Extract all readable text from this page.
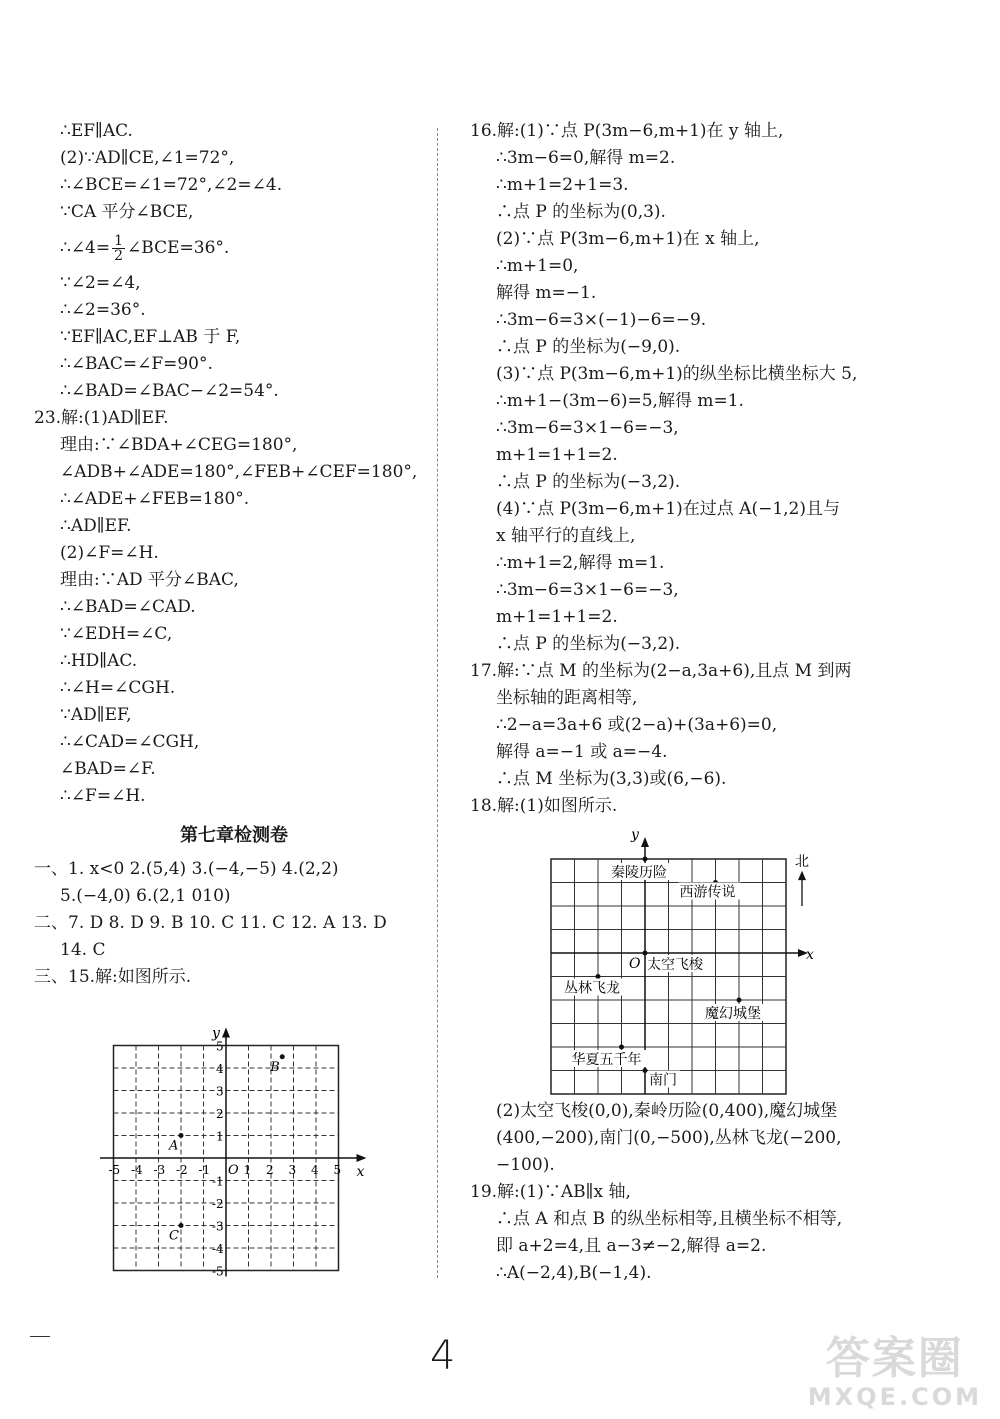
∴EF∥AC.
(2)∵AD∥CE,∠1=72°,
∴∠BCE=∠1=72°,∠2=∠4.
∵CA 平分∠BCE,
∴∠4= $\frac{1}{2}$ ∠BCE=36°.
∵∠2=∠4,
∴∠2=36°.
∵EF∥AC,EF⊥AB 于 F,
∴∠BAC=∠F=90°.
∴∠BAD=∠BAC−∠2=54°.
23.解:(1)AD∥EF.
理由:∵∠BDA+∠CEG=180°,
∠ADB+∠ADE=180°,∠FEB+∠CEF=180°,
∴∠ADE+∠FEB=180°.
∴AD∥EF.
(2)∠F=∠H.
理由:∵AD 平分∠BAC,
∴∠BAD=∠CAD.
∵∠EDH=∠C,
∴HD∥AC.
∴∠H=∠CGH.
∵AD∥EF,
∴∠CAD=∠CGH,
∠BAD=∠F.
∴∠F=∠H.
第七章检测卷
一、1. x<0 2.(5,4) 3.(−4,−5) 4.(2,2)
5.(−4,0) 6.(2,1 010)
二、7. D 8. D 9. B 10. C 11. C 12. A 13. D
14. C
三、15.解:如图所示.
x
y
O
-5 -4 -3 -2 -1	1 2 3 4 5
5
4
3
2
1
-1
-2
-3
-4
-5
A
B
C
16.解:(1)∵点 P(3m−6,m+1)在 y 轴上,
∴3m−6=0,解得 m=2.
∴m+1=2+1=3.
∴点 P 的坐标为(0,3).
(2)∵点 P(3m−6,m+1)在 x 轴上,
∴m+1=0,
解得 m=−1.
∴3m−6=3×(−1)−6=−9.
∴点 P 的坐标为(−9,0).
(3)∵点 P(3m−6,m+1)的纵坐标比横坐标大 5,
∴m+1−(3m−6)=5,解得 m=1.
∴3m−6=3×1−6=−3,
m+1=1+1=2.
∴点 P 的坐标为(−3,2).
(4)∵点 P(3m−6,m+1)在过点 A(−1,2)且与
x 轴平行的直线上,
∴m+1=2,解得 m=1.
∴3m−6=3×1−6=−3,
m+1=1+1=2.
∴点 P 的坐标为(−3,2).
17.解:∵点 M 的坐标为(2−a,3a+6),且点 M 到两
坐标轴的距离相等,
∴2−a=3a+6 或(2−a)+(3a+6)=0,
解得 a=−1 或 a=−4.
∴点 M 坐标为(3,3)或(6,−6).
18.解:(1)如图所示.
x
y
O
北
秦陵历险
西游传说
太空飞梭
丛林飞龙
魔幻城堡
华夏五千年
南门
(2)太空飞梭(0,0),秦岭历险(0,400),魔幻城堡
(400,−200),南门(0,−500),丛林飞龙(−200,
−100).
19.解:(1)∵AB∥x 轴,
∴点 A 和点 B 的纵坐标相等,且横坐标不相等,
即 a+2=4,且 a−3≠−2,解得 a=2.
∴A(−2,4),B(−1,4).
4	答案圈
MXQE.COM
